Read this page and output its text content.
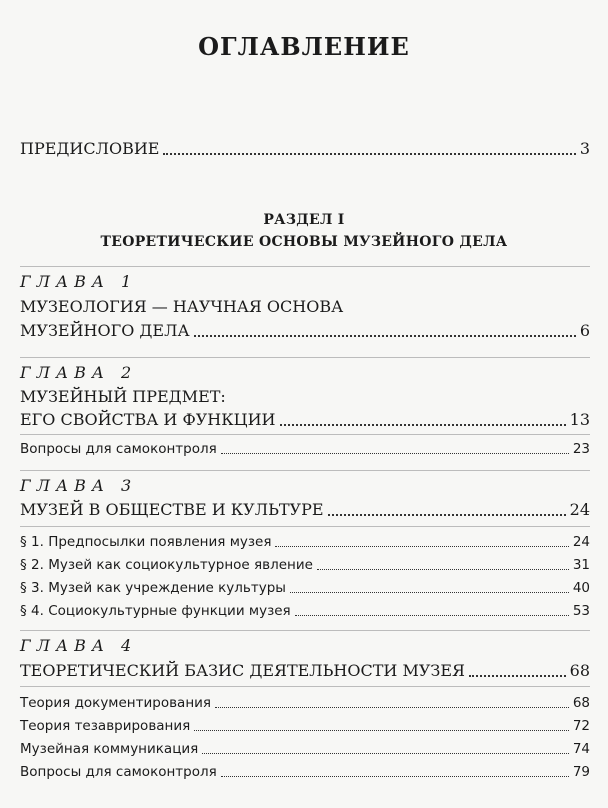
ОГЛАВЛЕНИЕ
ПРЕДИСЛОВИЕ	3
РАЗДЕЛ I
ТЕОРЕТИЧЕСКИЕ ОСНОВЫ МУЗЕЙНОГО ДЕЛА
ГЛАВА 1
МУЗЕОЛОГИЯ — НАУЧНАЯ ОСНОВА
МУЗЕЙНОГО ДЕЛА	6
ГЛАВА 2
МУЗЕЙНЫЙ ПРЕДМЕТ:
ЕГО СВОЙСТВА И ФУНКЦИИ	13
Вопросы для самоконтроля	23
ГЛАВА 3
МУЗЕЙ В ОБЩЕСТВЕ И КУЛЬТУРЕ	24
§ 1. Предпосылки появления музея	24
§ 2. Музей как социокультурное явление	31
§ 3. Музей как учреждение культуры	40
§ 4. Социокультурные функции музея	53
ГЛАВА 4
ТЕОРЕТИЧЕСКИЙ БАЗИС ДЕЯТЕЛЬНОСТИ МУЗЕЯ	68
Теория документирования	68
Теория тезаврирования	72
Музейная коммуникация	74
Вопросы для самоконтроля	79
